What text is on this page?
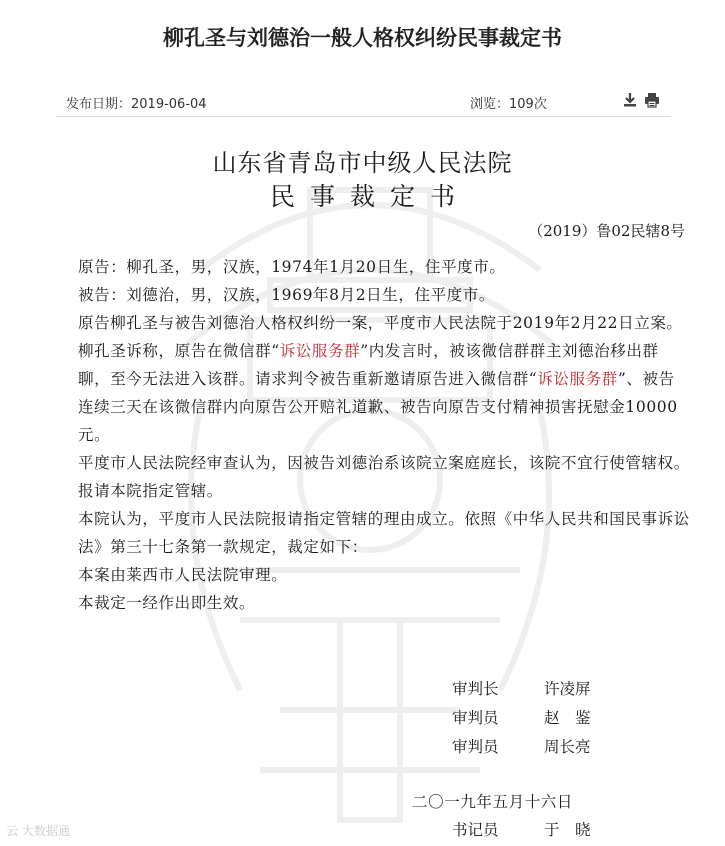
柳孔圣与刘德治一般人格权纠纷民事裁定书
发布日期：2019-06-04	浏览：109次
山东省青岛市中级人民法院
民事裁定书
（2019）鲁02民辖8号

原告：柳孔圣，男，汉族，1974年1月20日生，住平度市。

被告：刘德治，男，汉族，1969年8月2日生，住平度市。

原告柳孔圣与被告刘德治人格权纠纷一案，平度市人民法院于2019年2月22日立案。

柳孔圣诉称，原告在微信群“诉讼服务群”内发言时，被该微信群群主刘德治移出群聊，至今无法进入该群。请求判令被告重新邀请原告进入微信群“诉讼服务群”、被告连续三天在该微信群内向原告公开赔礼道歉、被告向原告支付精神损害抚慰金10000元。

平度市人民法院经审查认为，因被告刘德治系该院立案庭庭长，该院不宜行使管辖权。报请本院指定管辖。

本院认为，平度市人民法院报请指定管辖的理由成立。依照《中华人民共和国民事诉讼法》第三十七条第一款规定，裁定如下：

本案由莱西市人民法院审理。

本裁定一经作出即生效。

审判长	许凌屏
审判员	赵　鉴
审判员	周长亮
二〇一九年五月十六日
书记员	于　晓
云 大数据通
